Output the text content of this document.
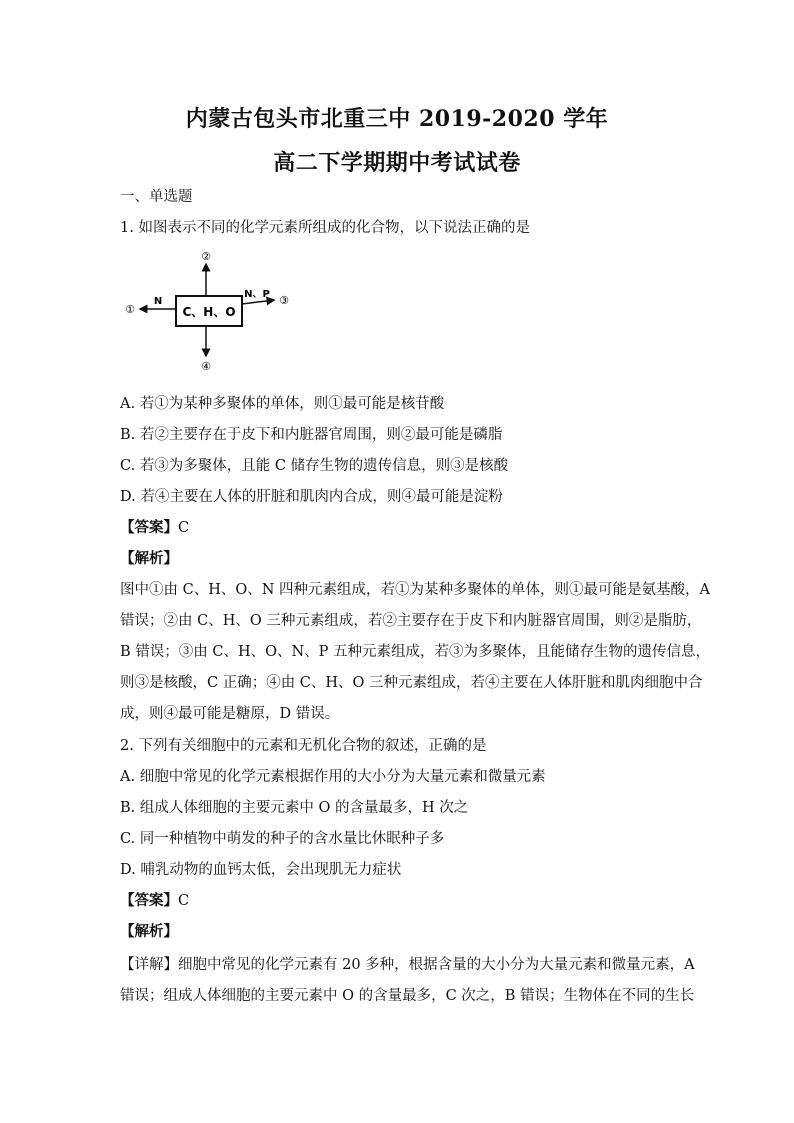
内蒙古包头市北重三中 2019-2020 学年
高二下学期期中考试试卷
一、单选题
1. 如图表示不同的化学元素所组成的化合物，以下说法正确的是
C、H、O
②
④
①
N	③
N、P
A. 若①为某种多聚体的单体，则①最可能是核苷酸
B. 若②主要存在于皮下和内脏器官周围，则②最可能是磷脂
C. 若③为多聚体，且能 C 储存生物的遗传信息，则③是核酸
D. 若④主要在人体的肝脏和肌肉内合成，则④最可能是淀粉
【答案】C
【解析】
图中①由 C、H、O、N 四种元素组成，若①为某种多聚体的单体，则①最可能是氨基酸，A
错误；②由 C、H、O 三种元素组成，若②主要存在于皮下和内脏器官周围，则②是脂肪，
B 错误；③由 C、H、O、N、P 五种元素组成，若③为多聚体，且能储存生物的遗传信息，
则③是核酸，C 正确；④由 C、H、O 三种元素组成，若④主要在人体肝脏和肌肉细胞中合
成，则④最可能是糖原，D 错误。
2. 下列有关细胞中的元素和无机化合物的叙述，正确的是
A. 细胞中常见的化学元素根据作用的大小分为大量元素和微量元素
B. 组成人体细胞的主要元素中 O 的含量最多，H 次之
C. 同一种植物中萌发的种子的含水量比休眠种子多
D. 哺乳动物的血钙太低，会出现肌无力症状
【答案】C
【解析】
【详解】细胞中常见的化学元素有 20 多种，根据含量的大小分为大量元素和微量元素，A
错误；组成人体细胞的主要元素中 O 的含量最多，C 次之，B 错误；生物体在不同的生长
